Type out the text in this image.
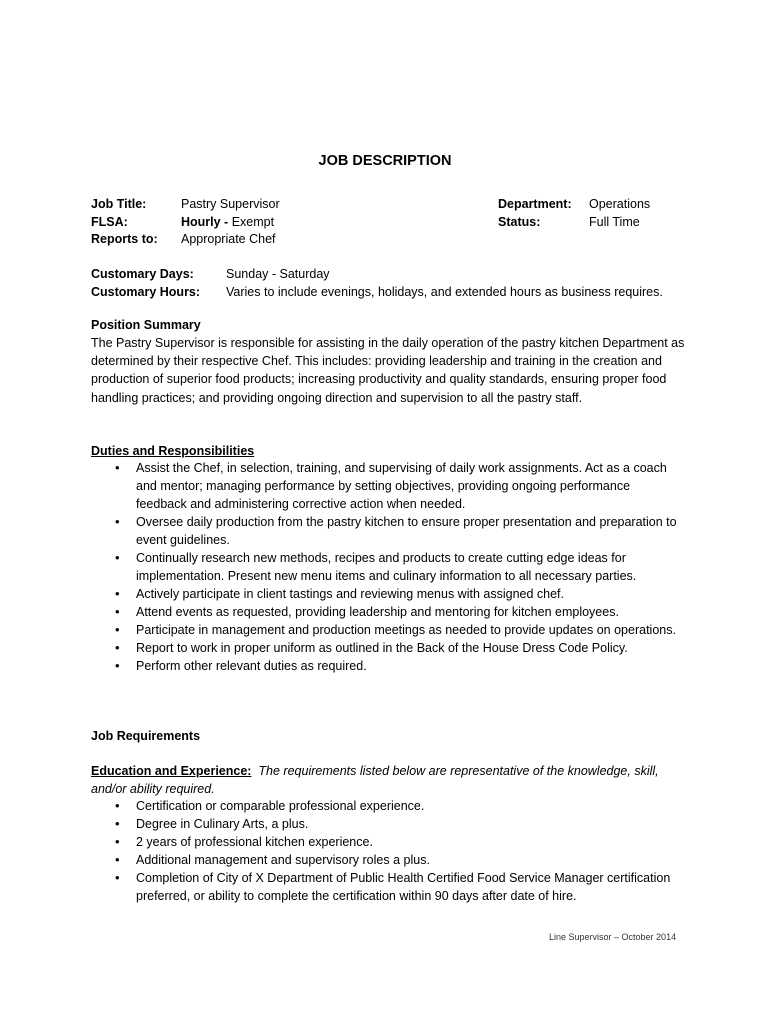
JOB DESCRIPTION
Job Title:	Pastry Supervisor
FLSA:	Hourly - Exempt
Reports to: Appropriate Chef
Department: Operations
Status:	Full Time
Customary Days:	Sunday - Saturday
Customary Hours: Varies to include evenings, holidays, and extended hours as business requires.
Position Summary
The Pastry Supervisor is responsible for assisting in the daily operation of the pastry kitchen Department as determined by their respective Chef. This includes: providing leadership and training in the creation and production of superior food products; increasing productivity and quality standards, ensuring proper food handling practices; and providing ongoing direction and supervision to all the pastry staff.
Duties and Responsibilities
• Assist the Chef, in selection, training, and supervising of daily work assignments. Act as a coach and mentor; managing performance by setting objectives, providing ongoing performance feedback and administering corrective action when needed.
• Oversee daily production from the pastry kitchen to ensure proper presentation and preparation to event guidelines.
• Continually research new methods, recipes and products to create cutting edge ideas for implementation. Present new menu items and culinary information to all necessary parties.
• Actively participate in client tastings and reviewing menus with assigned chef.
• Attend events as requested, providing leadership and mentoring for kitchen employees.
• Participate in management and production meetings as needed to provide updates on operations.
• Report to work in proper uniform as outlined in the Back of the House Dress Code Policy.
• Perform other relevant duties as required.
Job Requirements
Education and Experience: The requirements listed below are representative of the knowledge, skill, and/or ability required.
• Certification or comparable professional experience.
• Degree in Culinary Arts, a plus.
• 2 years of professional kitchen experience.
• Additional management and supervisory roles a plus.
• Completion of City of X Department of Public Health Certified Food Service Manager certification preferred, or ability to complete the certification within 90 days after date of hire.
Line Supervisor – October 2014
